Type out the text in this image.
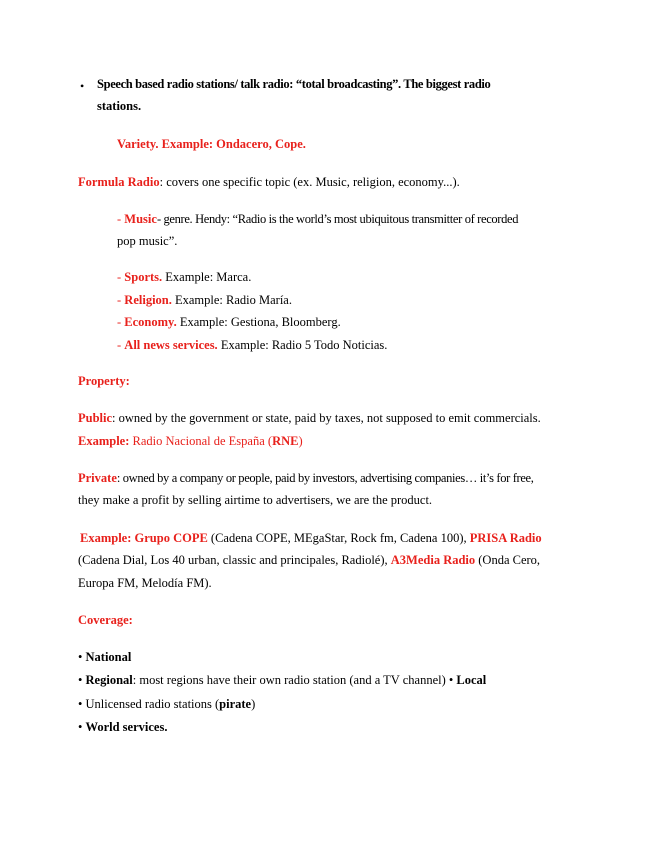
• Speech based radio stations/ talk radio: “total broadcasting”. The biggest radio
stations.
Variety. Example: Ondacero, Cope.
Formula Radio: covers one specific topic (ex. Music, religion, economy...).
- Music- genre. Hendy: “Radio is the world’s most ubiquitous transmitter of recorded
pop music”.
- Sports. Example: Marca.
- Religion. Example: Radio María.
- Economy. Example: Gestiona, Bloomberg.
- All news services. Example: Radio 5 Todo Noticias.
Property:
Public: owned by the government or state, paid by taxes, not supposed to emit commercials.
Example: Radio Nacional de España (RNE)
Private: owned by a company or people, paid by investors, advertising companies… it’s for free,
they make a profit by selling airtime to advertisers, we are the product.
Example: Grupo COPE (Cadena COPE, MEgaStar, Rock fm, Cadena 100), PRISA Radio
(Cadena Dial, Los 40 urban, classic and principales, Radiolé), A3Media Radio (Onda Cero,
Europa FM, Melodía FM).
Coverage:
• National
• Regional: most regions have their own radio station (and a TV channel) • Local
• Unlicensed radio stations (pirate)
• World services.
